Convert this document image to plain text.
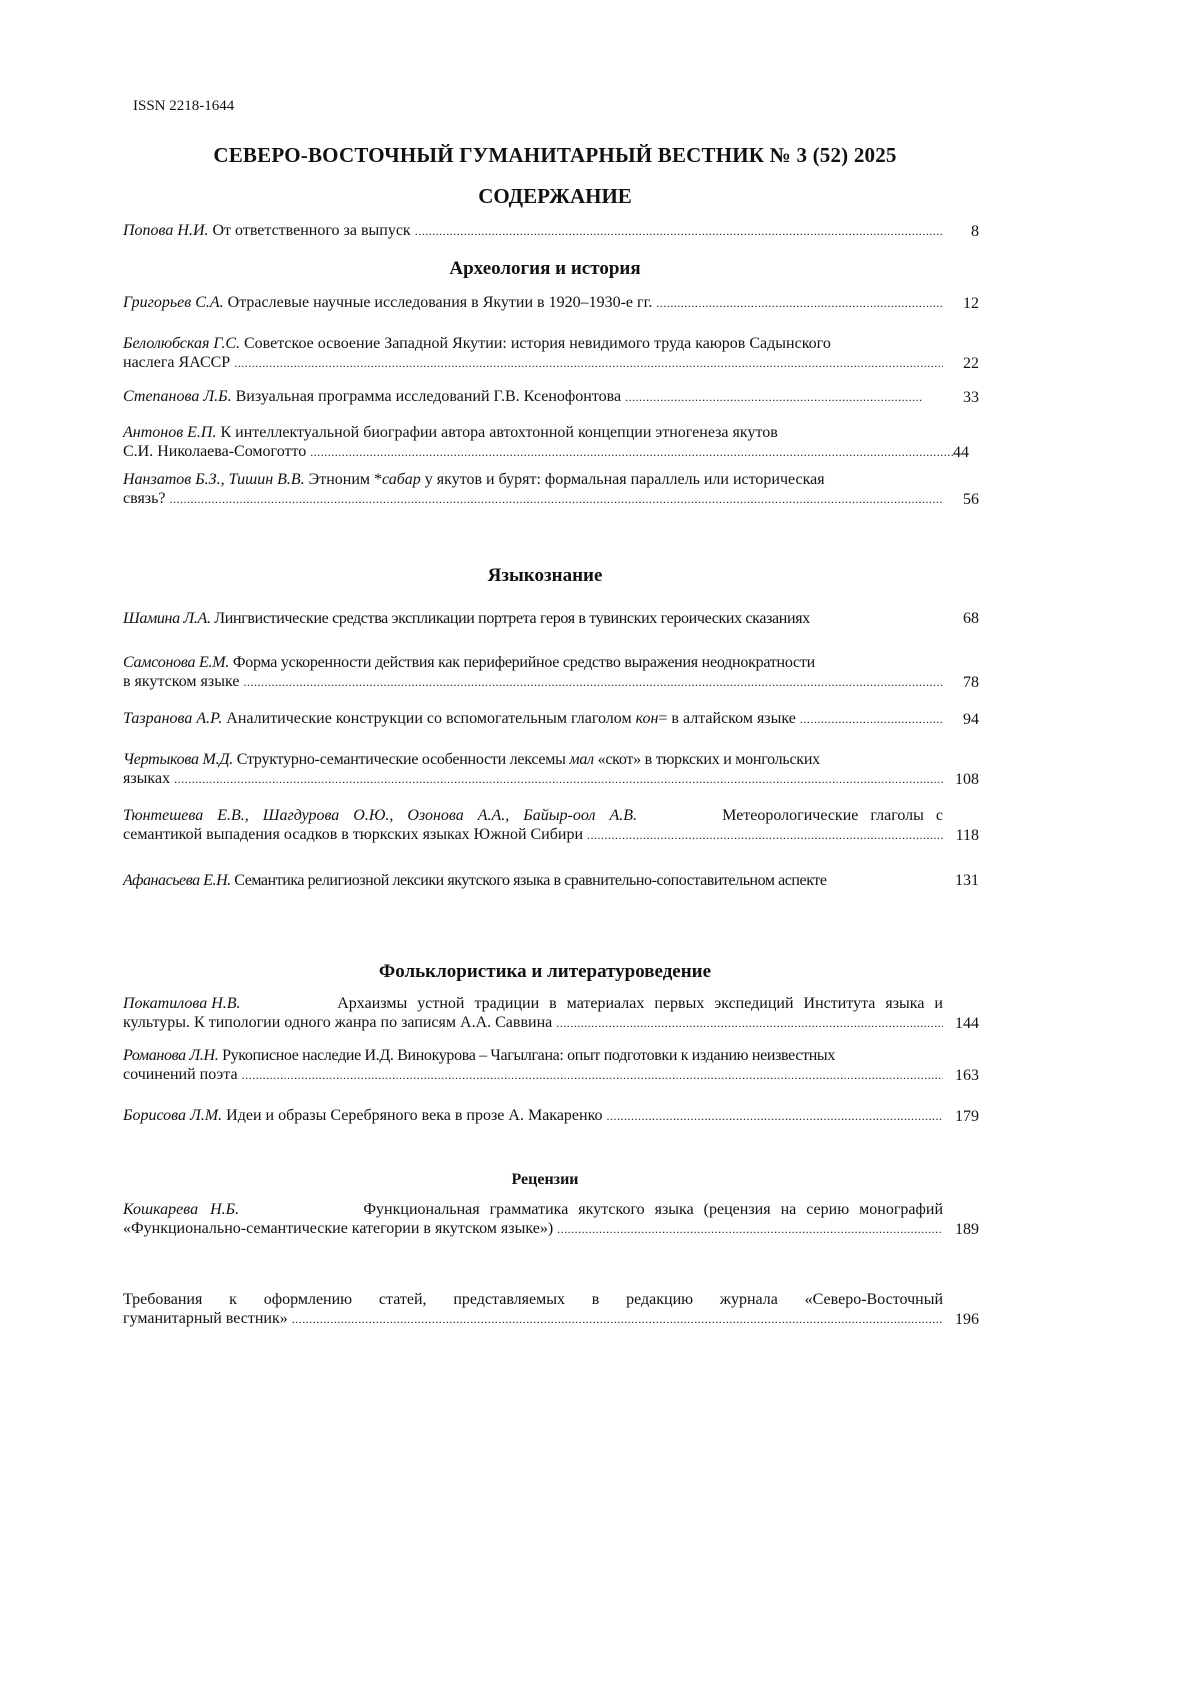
ISSN 2218-1644
СЕВЕРО-ВОСТОЧНЫЙ ГУМАНИТАРНЫЙ ВЕСТНИК № 3 (52) 2025
СОДЕРЖАНИЕ
Попова Н.И. От ответственного за выпуск .....	8
Археология и история
Григорьев С.А. Отраслевые научные исследования в Якутии в 1920–1930-е гг. .....	12
Белолюбская Г.С. Советское освоение Западной Якутии: история невидимого труда каюров Садынского
наслега ЯАССР .....	22
Степанова Л.Б. Визуальная программа исследований Г.В. Ксенофонтова .....	33
Антонов Е.П. К интеллектуальной биографии автора автохтонной концепции этногенеза якутов
С.И. Николаева-Сомоготто .....	44
Нанзатов Б.З., Тишин В.В. Этноним *сабар у якутов и бурят: формальная параллель или историческая
связь? .....	56
Языкознание
Шамина Л.А. Лингвистические средства экспликации портрета героя в тувинских героических сказаниях	68
Самсонова Е.М. Форма ускоренности действия как периферийное средство выражения неоднократности
в якутском языке .....	78
Тазранова А.Р. Аналитические конструкции со вспомогательным глаголом кон= в алтайском языке .....	94
Чертыкова М.Д. Структурно-семантические особенности лексемы мал «скот» в тюркских и монгольских
языках .....	108
Тюнтешева Е.В., Шагдурова О.Ю., Озонова А.А., Байыр-оол А.В.	Метеорологические глаголы с
семантикой выпадения осадков в тюркских языках Южной Сибири .....	118
Афанасьева Е.Н. Семантика религиозной лексики якутского языка в сравнительно-сопоставительном аспекте	131
Фольклористика и литературоведение
Покатилова Н.В.	Архаизмы устной традиции в материалах первых экспедиций Института языка и
культуры. К типологии одного жанра по записям А.А. Саввина .....	144
Романова Л.Н. Рукописное наследие И.Д. Винокурова – Чагылгана: опыт подготовки к изданию неизвестных
сочинений поэта .....	163
Борисова Л.М. Идеи и образы Серебряного века в прозе А. Макаренко .....	179
Рецензии
Кошкарева Н.Б.	Функциональная грамматика якутского языка (рецензия на серию монографий
«Функционально-семантические категории в якутском языке») .....	189
Требования к оформлению статей, представляемых в редакцию журнала «Северо-Восточный
гуманитарный вестник» .....	196
